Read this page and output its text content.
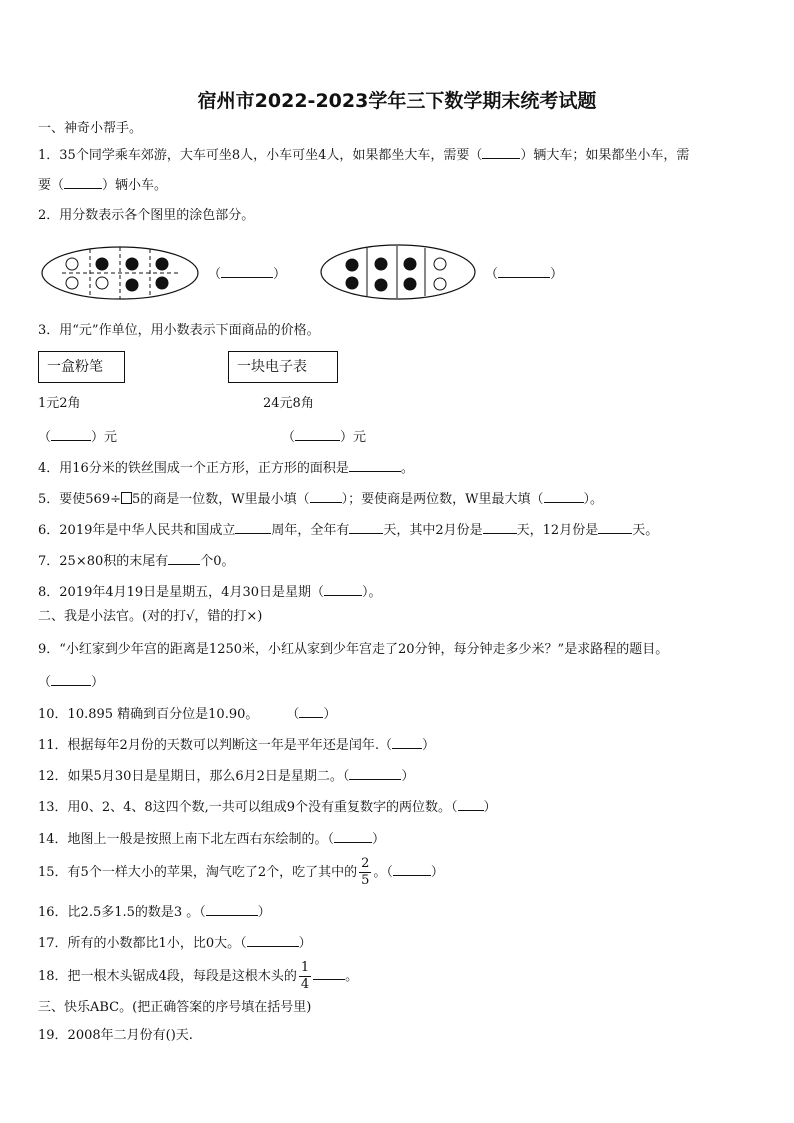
宿州市2022-2023学年三下数学期末统考试题
一、神奇小帮手。
1．35个同学乘车郊游，大车可坐8人，小车可坐4人，如果都坐大车，需要（	）辆大车；如果都坐小车，需
要（	）辆小车。
2．用分数表示各个图里的涂色部分。
（	）	（	）
3．用“元”作单位，用小数表示下面商品的价格。
一盒粉笔	一块电子表
1元2角	24元8角
（	）元	（	）元
4．用16分米的铁丝围成一个正方形，正方形的面积是	。
5．要使569÷ 5的商是一位数，W里最小填（ ）；要使商是两位数，W里最大填（	）。
6．2019年是中华人民共和国成立	周年，全年有	天，其中2月份是	天，12月份是	天。
7．25×80积的末尾有 个0。
8．2019年4月19日是星期五，4月30日是星期（	）。
二、我是小法官。(对的打√，错的打×)
9．“小红家到少年宫的距离是1250米，小红从家到少年宫走了20分钟，每分钟走多少米？”是求路程的题目。
（	）
10．10.895 精确到百分位是10.90。 （ ）
11．根据每年2月份的天数可以判断这一年是平年还是闰年.（ ）
12．如果5月30日是星期日，那么6月2日是星期二。（	）
13．用0、2、4、8这四个数,一共可以组成9个没有重复数字的两位数。（ ）
14．地图上一般是按照上南下北左西右东绘制的。（	）
15．有5个一样大小的苹果，淘气吃了2个，吃了其中的 $\frac{2}{5}$ 。（	）
16．比2.5多1.5的数是3 。（	）
17．所有的小数都比1小，比0大。（	）
18．把一根木头锯成4段，每段是这根木头的 $\frac{1}{4}$	。
三、快乐ABC。(把正确答案的序号填在括号里)
19．2008年二月份有()天.
